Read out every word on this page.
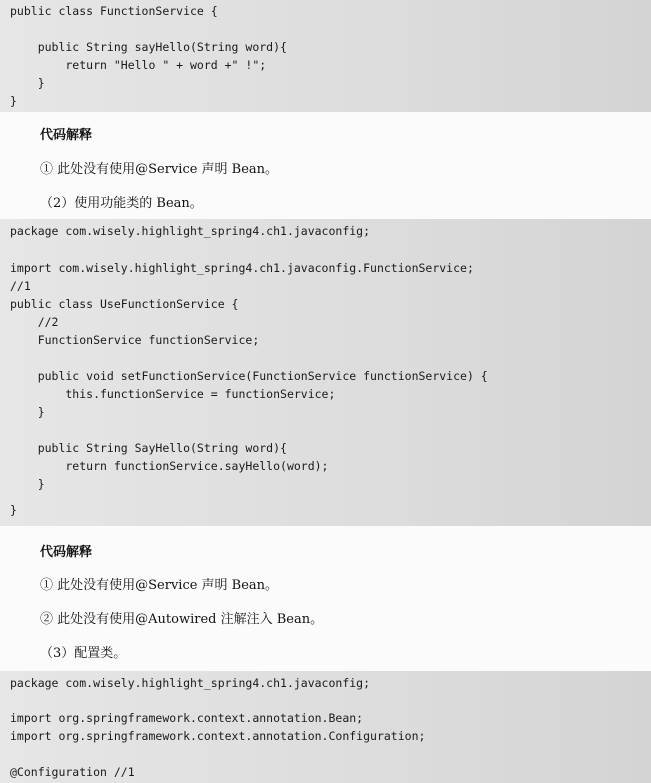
public class FunctionService {

public String sayHello(String word){

return "Hello " + word +" !";

}

}

代码解释
① 此处没有使用@Service 声明 Bean。
（2）使用功能类的 Bean。

package com.wisely.highlight_spring4.ch1.javaconfig;

import com.wisely.highlight_spring4.ch1.javaconfig.FunctionService;

//1

public class UseFunctionService {

//2

FunctionService functionService;

public void setFunctionService(FunctionService functionService) {

this.functionService = functionService;

}

public String SayHello(String word){

return functionService.sayHello(word);

}

}

代码解释
① 此处没有使用@Service 声明 Bean。
② 此处没有使用@Autowired 注解注入 Bean。
（3）配置类。

package com.wisely.highlight_spring4.ch1.javaconfig;

import org.springframework.context.annotation.Bean;

import org.springframework.context.annotation.Configuration;

@Configuration //1
